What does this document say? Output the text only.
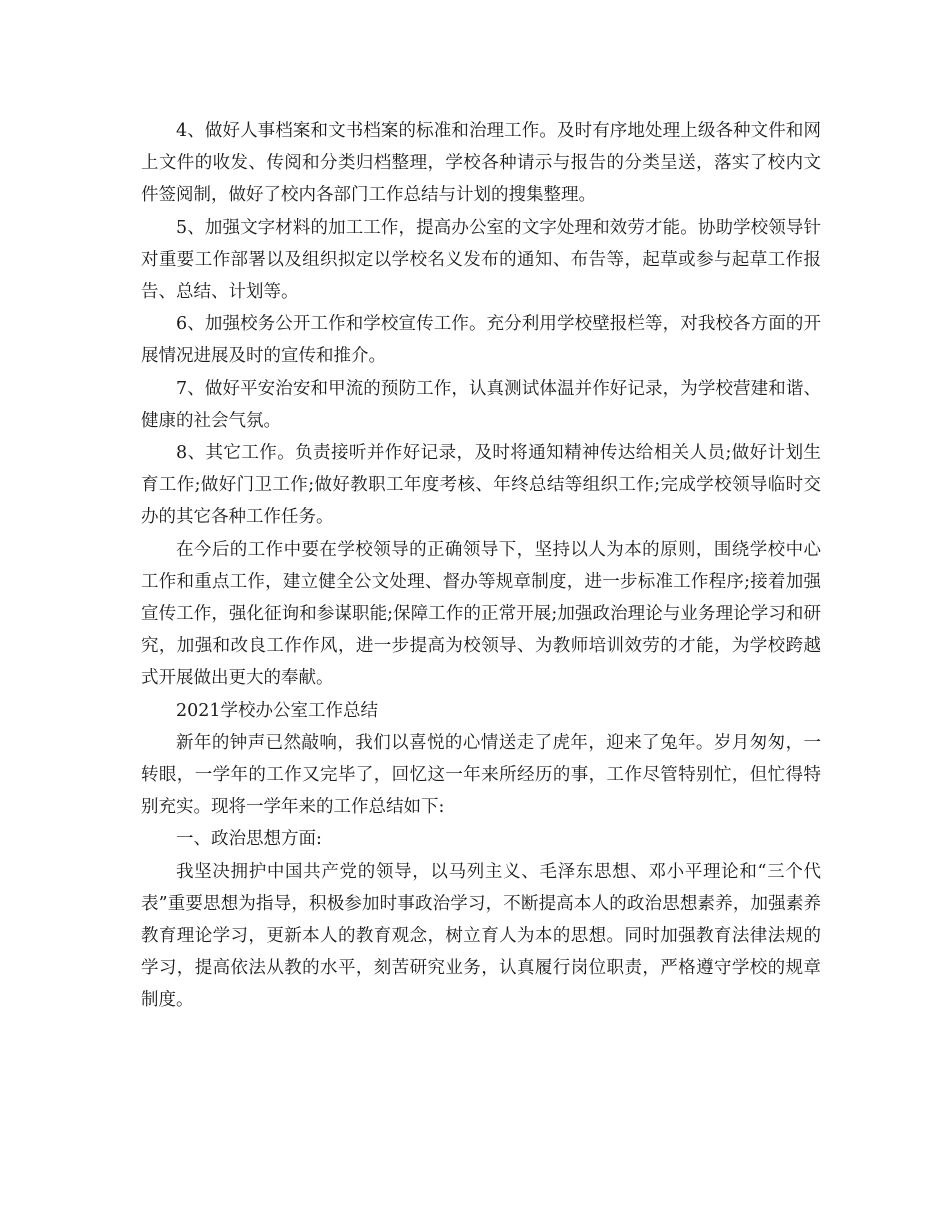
4、做好人事档案和文书档案的标准和治理工作。及时有序地处理上级各种文件和网上文件的收发、传阅和分类归档整理，学校各种请示与报告的分类呈送，落实了校内文件签阅制，做好了校内各部门工作总结与计划的搜集整理。

5、加强文字材料的加工工作，提高办公室的文字处理和效劳才能。协助学校领导针对重要工作部署以及组织拟定以学校名义发布的通知、布告等，起草或参与起草工作报告、总结、计划等。

6、加强校务公开工作和学校宣传工作。充分利用学校壁报栏等，对我校各方面的开展情况进展及时的宣传和推介。

7、做好平安治安和甲流的预防工作，认真测试体温并作好记录，为学校营建和谐、健康的社会气氛。

8、其它工作。负责接听并作好记录，及时将通知精神传达给相关人员;做好计划生育工作;做好门卫工作;做好教职工年度考核、年终总结等组织工作;完成学校领导临时交办的其它各种工作任务。

在今后的工作中要在学校领导的正确领导下，坚持以人为本的原则，围绕学校中心工作和重点工作，建立健全公文处理、督办等规章制度，进一步标准工作程序;接着加强宣传工作，强化征询和参谋职能;保障工作的正常开展;加强政治理论与业务理论学习和研究，加强和改良工作作风，进一步提高为校领导、为教师培训效劳的才能，为学校跨越式开展做出更大的奉献。

2021学校办公室工作总结

新年的钟声已然敲响，我们以喜悦的心情送走了虎年，迎来了兔年。岁月匆匆，一转眼，一学年的工作又完毕了，回忆这一年来所经历的事，工作尽管特别忙，但忙得特别充实。现将一学年来的工作总结如下:

一、政治思想方面:

我坚决拥护中国共产党的领导，以马列主义、毛泽东思想、邓小平理论和“三个代表”重要思想为指导，积极参加时事政治学习，不断提高本人的政治思想素养，加强素养教育理论学习，更新本人的教育观念，树立育人为本的思想。同时加强教育法律法规的学习，提高依法从教的水平，刻苦研究业务，认真履行岗位职责，严格遵守学校的规章制度。
